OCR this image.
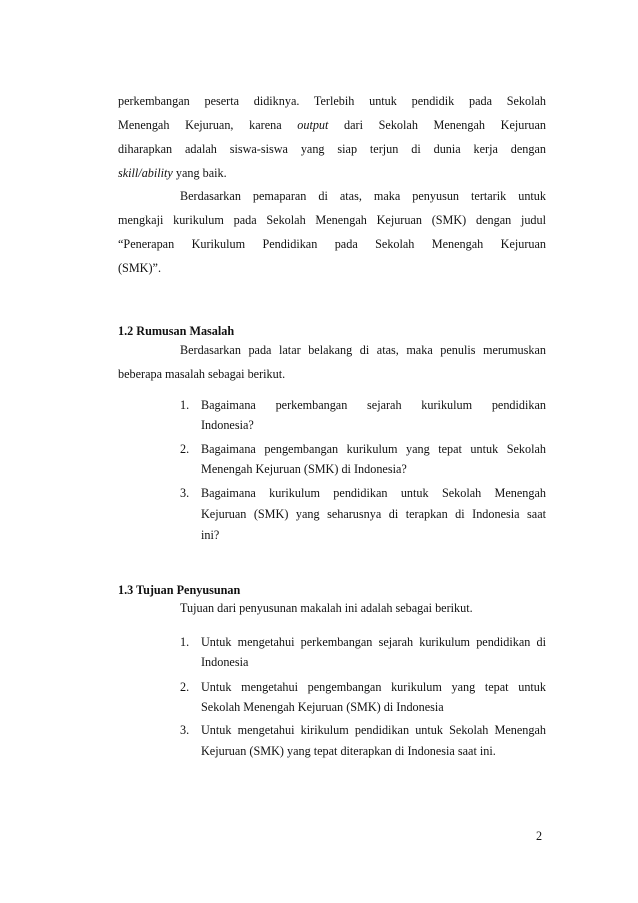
perkembangan peserta didiknya. Terlebih untuk pendidik pada Sekolah
Menengah Kejuruan, karena output dari Sekolah Menengah Kejuruan
diharapkan adalah siswa-siswa yang siap terjun di dunia kerja dengan
skill/ability yang baik.
Berdasarkan pemaparan di atas, maka penyusun tertarik untuk
mengkaji kurikulum pada Sekolah Menengah Kejuruan (SMK) dengan judul
“Penerapan Kurikulum Pendidikan pada Sekolah Menengah Kejuruan
(SMK)”.
1.2 Rumusan Masalah
Berdasarkan pada latar belakang di atas, maka penulis merumuskan
beberapa masalah sebagai berikut.
1. Bagaimana perkembangan sejarah kurikulum pendidikan
Indonesia?
2. Bagaimana pengembangan kurikulum yang tepat untuk Sekolah
Menengah Kejuruan (SMK) di Indonesia?
3. Bagaimana kurikulum pendidikan untuk Sekolah Menengah
Kejuruan (SMK) yang seharusnya di terapkan di Indonesia saat
ini?
1.3 Tujuan Penyusunan
Tujuan dari penyusunan makalah ini adalah sebagai berikut.
1. Untuk mengetahui perkembangan sejarah kurikulum pendidikan di
Indonesia
2. Untuk mengetahui pengembangan kurikulum yang tepat untuk
Sekolah Menengah Kejuruan (SMK) di Indonesia
3. Untuk mengetahui kirikulum pendidikan untuk Sekolah Menengah
Kejuruan (SMK) yang tepat diterapkan di Indonesia saat ini.
2
